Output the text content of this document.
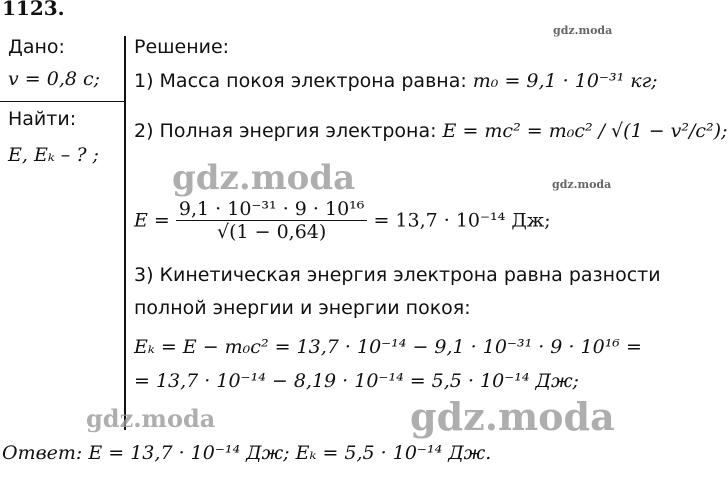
1123.
Дано:
v = 0,8 c;
Найти:
E, Eₖ – ? ;
Решение:
1) Масса покоя электрона равна: m₀ = 9,1 · 10⁻³¹ кг;
2) Полная энергия электрона: E = mc² = m₀c² / √(1 − v²/c²);
$E = \frac{\text{9,1 · 10⁻³¹ · 9 · 10¹⁶}}{√(1 - 0,64)} = 13,7 \cdot 10^{-14}$ Дж;
3) Кинетическая энергия электрона равна разности
полной энергии и энергии покоя:
Eₖ = E − m₀c² = 13,7 · 10⁻¹⁴ − 9,1 · 10⁻³¹ · 9 · 10¹⁶ =
= 13,7 · 10⁻¹⁴ − 8,19 · 10⁻¹⁴ = 5,5 · 10⁻¹⁴ Дж;
Ответ: E = 13,7 · 10⁻¹⁴ Дж; Eₖ = 5,5 · 10⁻¹⁴ Дж.
gdz.moda
gdz.moda	gdz.moda
gdz.moda	gdz.moda
